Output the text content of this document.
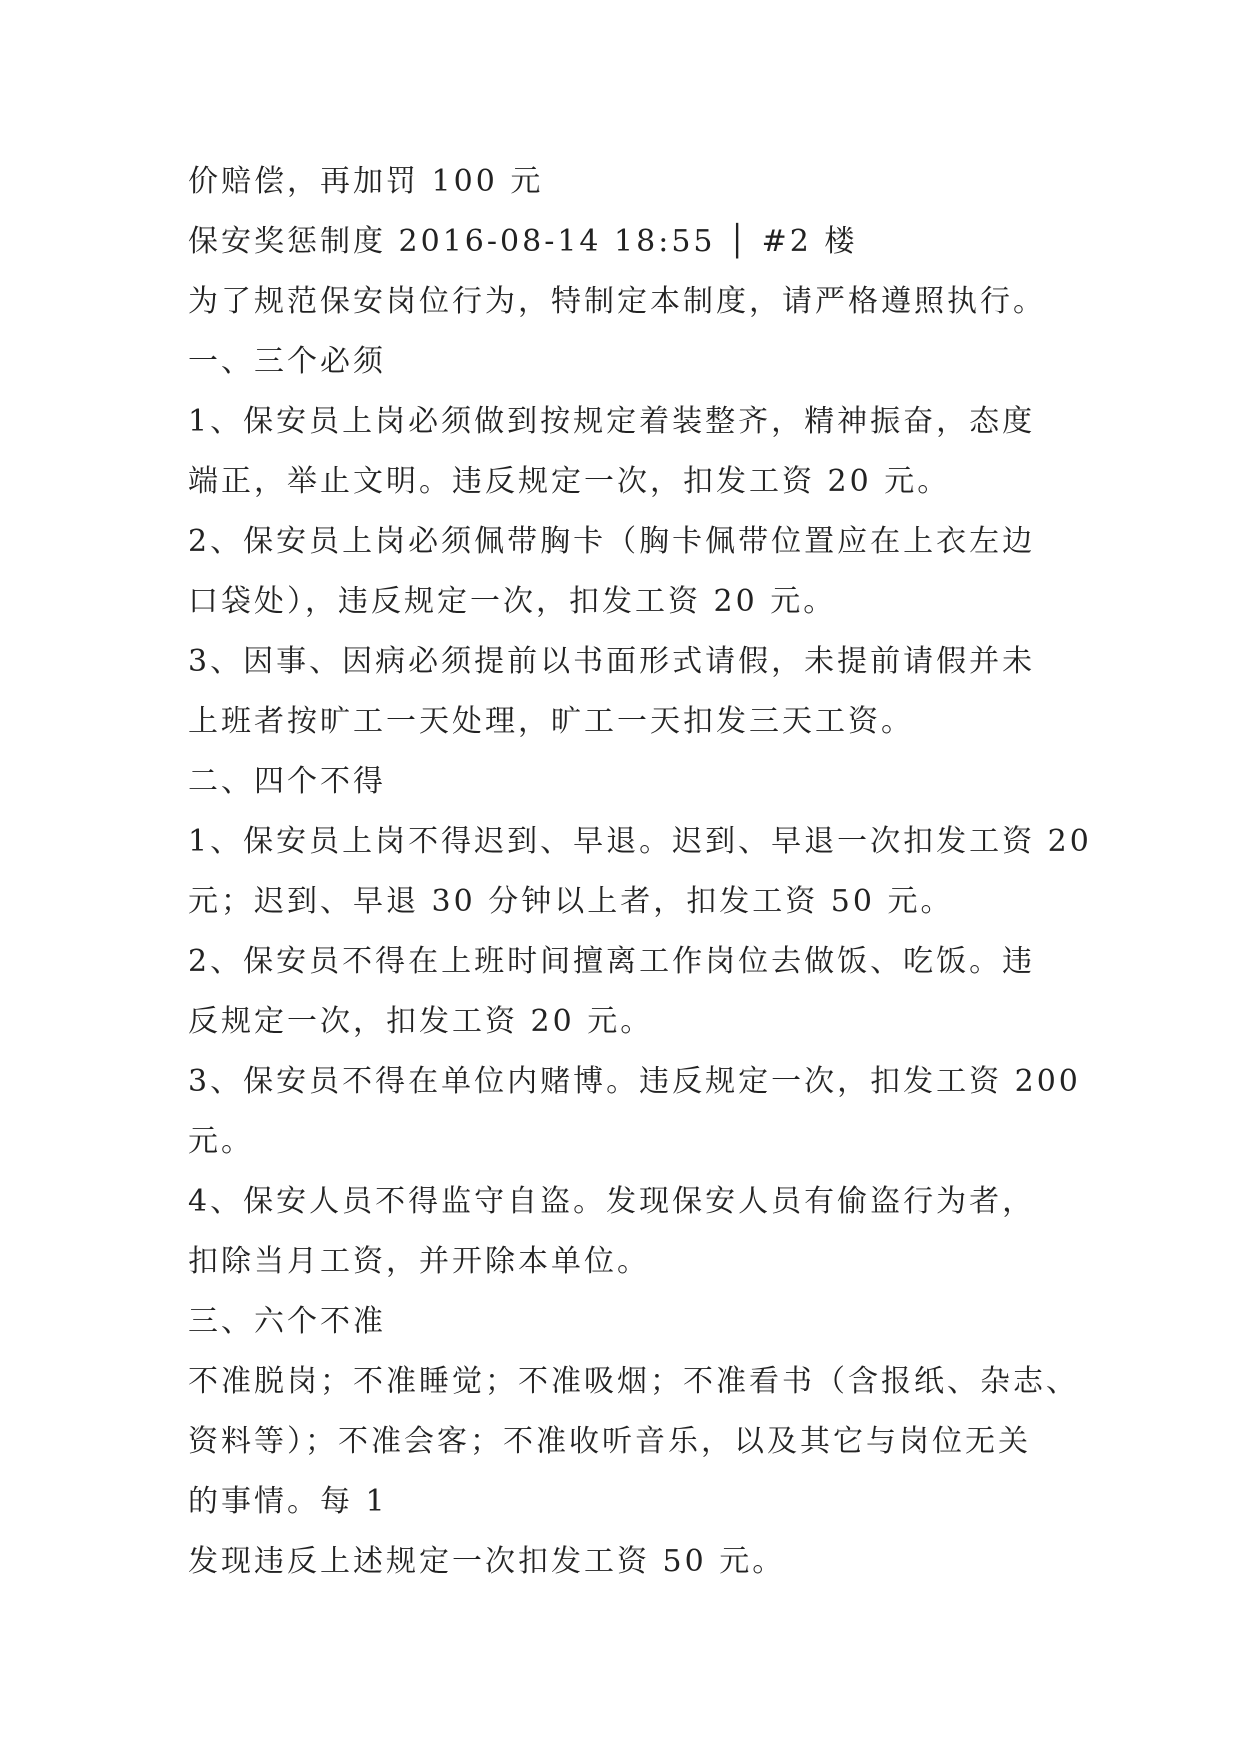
价赔偿，再加罚 100 元
保安奖惩制度 2016-08-14 18:55 │ #2 楼
为了规范保安岗位行为，特制定本制度，请严格遵照执行。
一、三个必须
1、保安员上岗必须做到按规定着装整齐，精神振奋，态度
端正，举止文明。违反规定一次，扣发工资 20 元。
2、保安员上岗必须佩带胸卡（胸卡佩带位置应在上衣左边
口袋处），违反规定一次，扣发工资 20 元。
3、因事、因病必须提前以书面形式请假，未提前请假并未
上班者按旷工一天处理，旷工一天扣发三天工资。
二、四个不得
1、保安员上岗不得迟到、早退。迟到、早退一次扣发工资 20
元；迟到、早退 30 分钟以上者，扣发工资 50 元。
2、保安员不得在上班时间擅离工作岗位去做饭、吃饭。违
反规定一次，扣发工资 20 元。
3、保安员不得在单位内赌博。违反规定一次，扣发工资 200
元。
4、保安人员不得监守自盗。发现保安人员有偷盗行为者，
扣除当月工资，并开除本单位。
三、六个不准
不准脱岗；不准睡觉；不准吸烟；不准看书（含报纸、杂志、
资料等）；不准会客；不准收听音乐，以及其它与岗位无关
的事情。每 1
发现违反上述规定一次扣发工资 50 元。
